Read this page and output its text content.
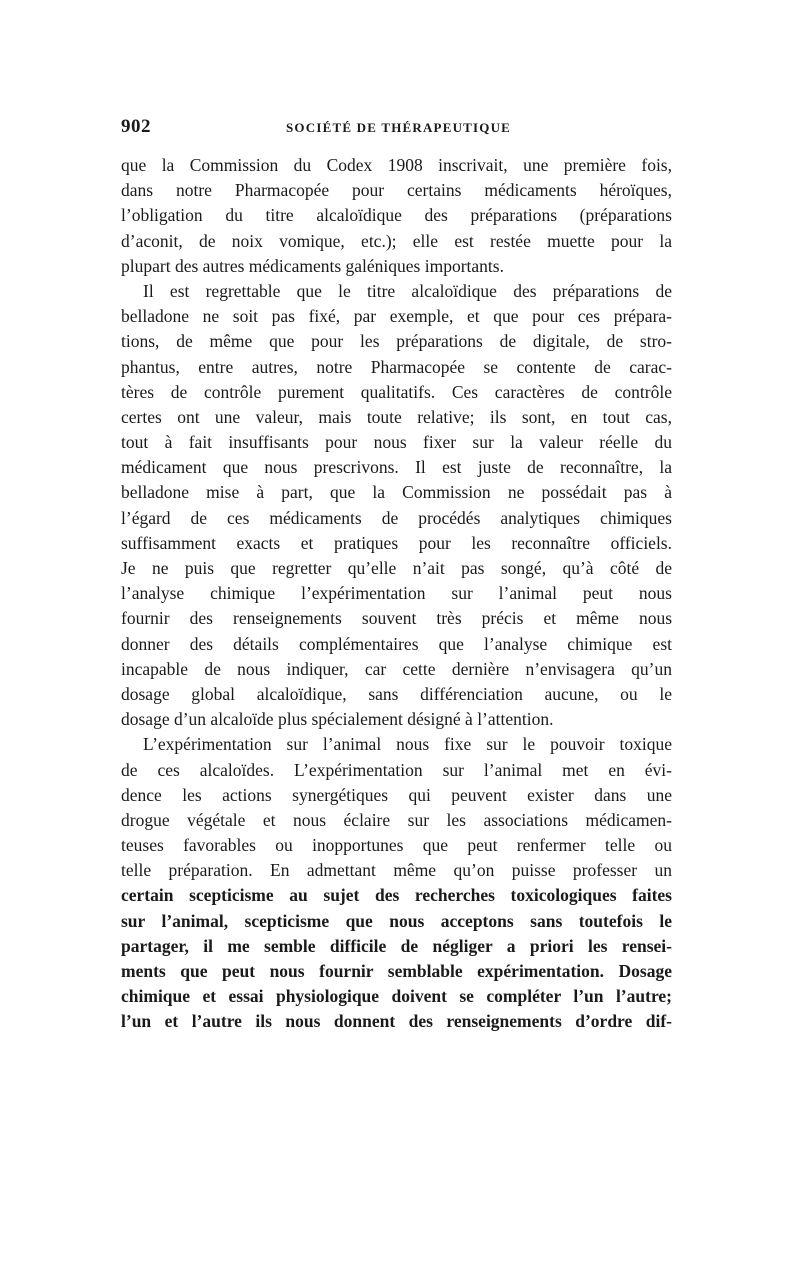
902	SOCIÉTÉ DE THÉRAPEUTIQUE
que la Commission du Codex 1908 inscrivait, une première fois,
dans notre Pharmacopée pour certains médicaments héroïques,
l’obligation du titre alcaloïdique des préparations (préparations
d’aconit, de noix vomique, etc.); elle est restée muette pour la
plupart des autres médicaments galéniques importants.
Il est regrettable que le titre alcaloïdique des préparations de
belladone ne soit pas fixé, par exemple, et que pour ces prépara-
tions, de même que pour les préparations de digitale, de stro-
phantus, entre autres, notre Pharmacopée se contente de carac-
tères de contrôle purement qualitatifs. Ces caractères de contrôle
certes ont une valeur, mais toute relative; ils sont, en tout cas,
tout à fait insuffisants pour nous fixer sur la valeur réelle du
médicament que nous prescrivons. Il est juste de reconnaître, la
belladone mise à part, que la Commission ne possédait pas à
l’égard de ces médicaments de procédés analytiques chimiques
suffisamment exacts et pratiques pour les reconnaître officiels.
Je ne puis que regretter qu’elle n’ait pas songé, qu’à côté de
l’analyse chimique l’expérimentation sur l’animal peut nous
fournir des renseignements souvent très précis et même nous
donner des détails complémentaires que l’analyse chimique est
incapable de nous indiquer, car cette dernière n’envisagera qu’un
dosage global alcaloïdique, sans différenciation aucune, ou le
dosage d’un alcaloïde plus spécialement désigné à l’attention.
L’expérimentation sur l’animal nous fixe sur le pouvoir toxique
de ces alcaloïdes. L’expérimentation sur l’animal met en évi-
dence les actions synergétiques qui peuvent exister dans une
drogue végétale et nous éclaire sur les associations médicamen-
teuses favorables ou inopportunes que peut renfermer telle ou
telle préparation. En admettant même qu’on puisse professer un
certain scepticisme au sujet des recherches toxicologiques faites
sur l’animal, scepticisme que nous acceptons sans toutefois le
partager, il me semble difficile de négliger a priori les rensei-
ments que peut nous fournir semblable expérimentation. Dosage
chimique et essai physiologique doivent se compléter l’un l’autre;
l’un et l’autre ils nous donnent des renseignements d’ordre dif-
